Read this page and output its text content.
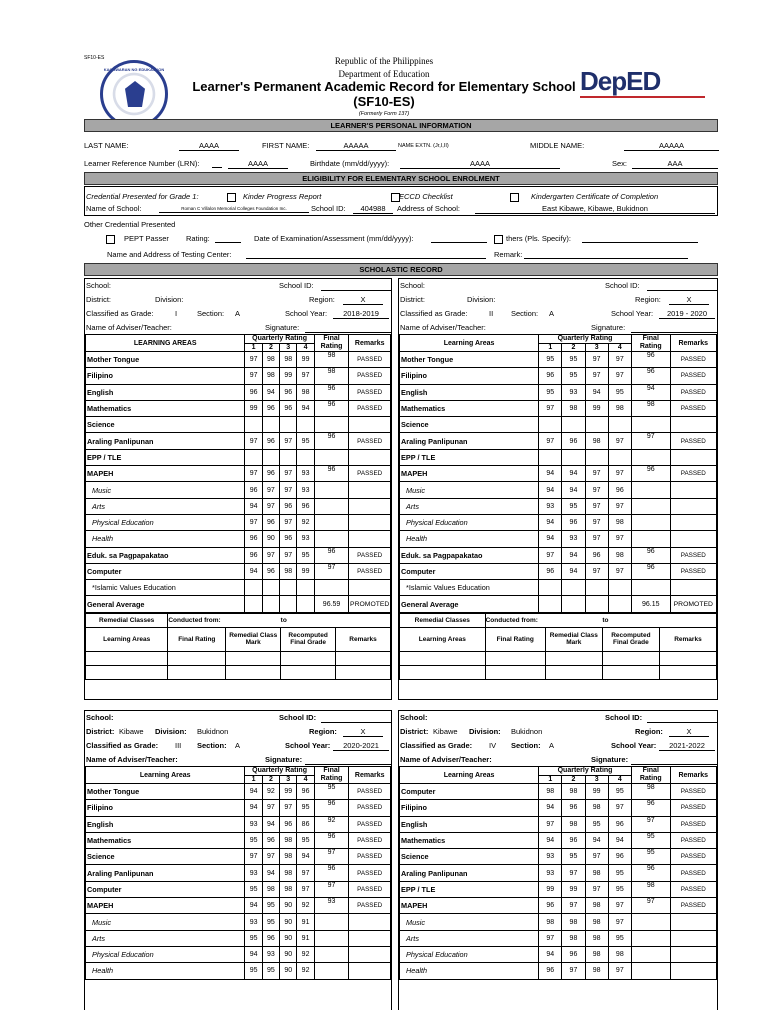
SF10-ES
KAGAWARAN NG EDUKASYON
Republic of the Philippines
Department of Education
Learner's Permanent Academic Record for Elementary School
(SF10-ES)
(Formerly Form 137)
DepED
LEARNER'S PERSONAL INFORMATION
LAST NAME:	AAAA	FIRST NAME:	AAAAA	NAME EXTN. (Jr,I,II)	MIDDLE NAME:	AAAAA
Learner Reference Number (LRN):	AAAA	Birthdate (mm/dd/yyyy):	AAAA	Sex:	AAA
ELIGIBILITY FOR ELEMENTARY SCHOOL ENROLMENT
Credential Presented for Grade 1:	Kinder Progress Report	ECCD Checklist	Kindergarten Certificate of Completion
Name of School:	Roman C Villalon Memorial Colleges Foundation Inc.	School ID:	404988	Address of School:	East Kibawe, Kibawe, Bukidnon
Other Credential Presented
PEPT Passer Rating:	Date of Examination/Assessment (mm/dd/yyyy):	thers (Pls. Specify):
Name and Address of Testing Center:	Remark:
SCHOLASTIC RECORD
School:	School ID:
District:	Division:	Region:	X
Classified as Grade:	I	Section: A	School Year:	2018-2019
Name of Adviser/Teacher:	Signature:
LEARNING AREAS	Quarterly Rating				Final Rating	Remarks
	1	2	3	4		
Mother Tongue	97	98	98	99	98	PASSED
Filipino	97	98	99	97	98	PASSED
English	96	94	96	98	96	PASSED
Mathematics	99	96	96	94	96	PASSED
Science						
Araling Panlipunan	97	96	97	95	96	PASSED
EPP / TLE						
MAPEH	97	96	97	93	96	PASSED
Music	96	97	97	93		
Arts	94	97	96	96		
Physical Education	97	96	97	92		
Health	96	90	96	93		
Eduk. sa Pagpapakatao	96	97	97	95	96	PASSED
Computer	94	96	98	99	97	PASSED
*Islamic Values Education						
General Average					96.59	PROMOTED
Remedial Classes	Conducted from:		to	
Learning Areas	Final Rating	Remedial Class Mark	Recomputed Final Grade	Remarks

School:	School ID:
District:	Division:	Region:	X
Classified as Grade:	II Section: A	School Year:	2019 - 2020
Name of Adviser/Teacher:	Signature:
Learning Areas	Quarterly Rating				Final Rating	Remarks
	1	2	3	4		
Mother Tongue	95	95	97	97	96	PASSED
Filipino	96	95	97	97	96	PASSED
English	95	93	94	95	94	PASSED
Mathematics	97	98	99	98	98	PASSED
Science						
Araling Panlipunan	97	96	98	97	97	PASSED
EPP / TLE						
MAPEH	94	94	97	97	96	PASSED
Music	94	94	97	96		
Arts	93	95	97	97		
Physical Education	94	96	97	98		
Health	94	93	97	97		
Eduk. sa Pagpapakatao	97	94	96	98	96	PASSED
Computer	96	94	97	97	96	PASSED
*Islamic Values Education						
General Average					96.15	PROMOTED
Remedial Classes	Conducted from:		to	
Learning Areas	Final Rating	Remedial Class Mark	Recomputed Final Grade	Remarks

School:	School ID:
District: Kibawe Division: Bukidnon	Region:	X
Classified as Grade: III Section: A	School Year:	2020-2021
Name of Adviser/Teacher:	Signature:
Learning Areas	Quarterly Rating				Final Rating	Remarks
	1	2	3	4		
Mother Tongue	94	92	99	96	95	PASSED
Filipino	94	97	97	95	96	PASSED
English	93	94	96	86	92	PASSED
Mathematics	95	96	98	95	96	PASSED
Science	97	97	98	94	97	PASSED
Araling Panlipunan	93	94	98	97	96	PASSED
Computer	95	98	98	97	97	PASSED
MAPEH	94	95	90	92	93	PASSED
Music	93	95	90	91		
Arts	95	96	90	91		
Physical Education	94	93	90	92		
Health	95	95	90	92		
School:	School ID:
District: Kibawe Division: Bukidnon	Region:	X
Classified as Grade: IV Section: A	School Year:	2021-2022
Name of Adviser/Teacher:	Signature:
Learning Areas	Quarterly Rating				Final Rating	Remarks
	1	2	3	4		
Computer	98	98	99	95	98	PASSED
Filipino	94	96	98	97	96	PASSED
English	97	98	95	96	97	PASSED
Mathematics	94	96	94	94	95	PASSED
Science	93	95	97	96	95	PASSED
Araling Panlipunan	93	97	98	95	96	PASSED
EPP / TLE	99	99	97	95	98	PASSED
MAPEH	96	97	98	97	97	PASSED
Music	98	98	98	97		
Arts	97	98	98	95		
Physical Education	94	96	98	98		
Health	96	97	98	97		
